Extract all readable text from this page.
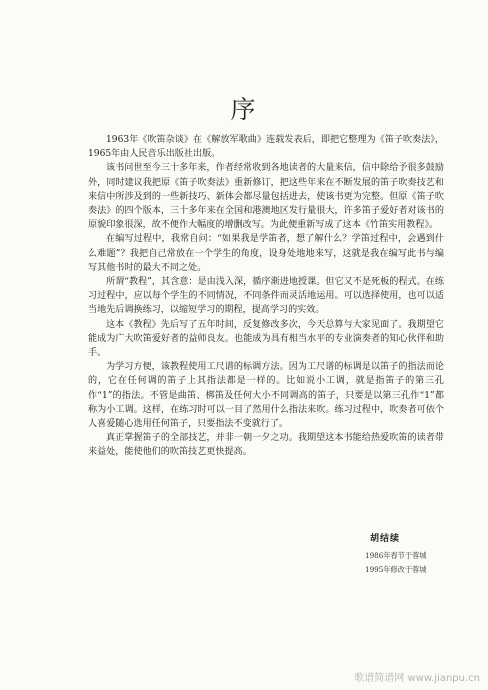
序

1963年《吹笛杂谈》在《解放军歌曲》连载发表后，即把它整理为《笛子吹奏法》，1965年由人民音乐出版社出版。

该书问世至今三十多年来，作者经常收到各地读者的大量来信，信中除给予很多鼓励外，同时建议我把原《笛子吹奏法》重新修订，把这些年来在不断发展的笛子吹奏技艺和来信中所涉及到的一些新技巧、新体会都尽量包括进去，使该书更为完整。但原《笛子吹奏法》的四个版本，三十多年来在全国和港澳地区发行量很大，许多笛子爱好者对该书的原貌印象很深，故不便作大幅度的增删改写。为此便重新写成了这本《竹笛实用教程》。

在编写过程中，我常自问：“如果我是学笛者，想了解什么？学笛过程中，会遇到什么难题”？我把自己常放在一个学生的角度，设身处地地来写，这就是我在编写此书与编写其他书时的最大不同之处。

所谓“教程”，其含意：是由浅入深，循序渐进地授课。但它又不是死板的程式。在练习过程中，应以每个学生的不同情况，不同条件而灵活地运用。可以选择使用，也可以适当地先后调换练习，以缩短学习的期程，提高学习的实效。

这本《教程》先后写了五年时间，反复修改多次，今天总算与大家见面了。我期望它能成为广大吹笛爱好者的益师良友。也能成为具有相当水平的专业演奏者的知心伙伴和助手。

为学习方便，该教程使用工尺谱的标调方法。因为工尺谱的标调是以笛子的指法而论的，它在任何调的笛子上其指法都是一样的。比如说小工调，就是指笛子的第三孔作“1”的指法。不管是曲笛、梆笛及任何大小不同调高的笛子，只要是以第三孔作“1”都称为小工调。这样，在练习时可以一目了然用什么指法来吹。练习过程中，吹奏者可依个人喜爱随心选用任何笛子，只要指法不变就行了。

真正掌握笛子的全部技艺，并非一朝一夕之功。我期望这本书能给热爱吹笛的读者带来益处，能使他们的吹笛技艺更快提高。

胡结续
1986年春节于蓉城
1995年修改于蓉城
歌谱简谱网 www.jianpu.cn
